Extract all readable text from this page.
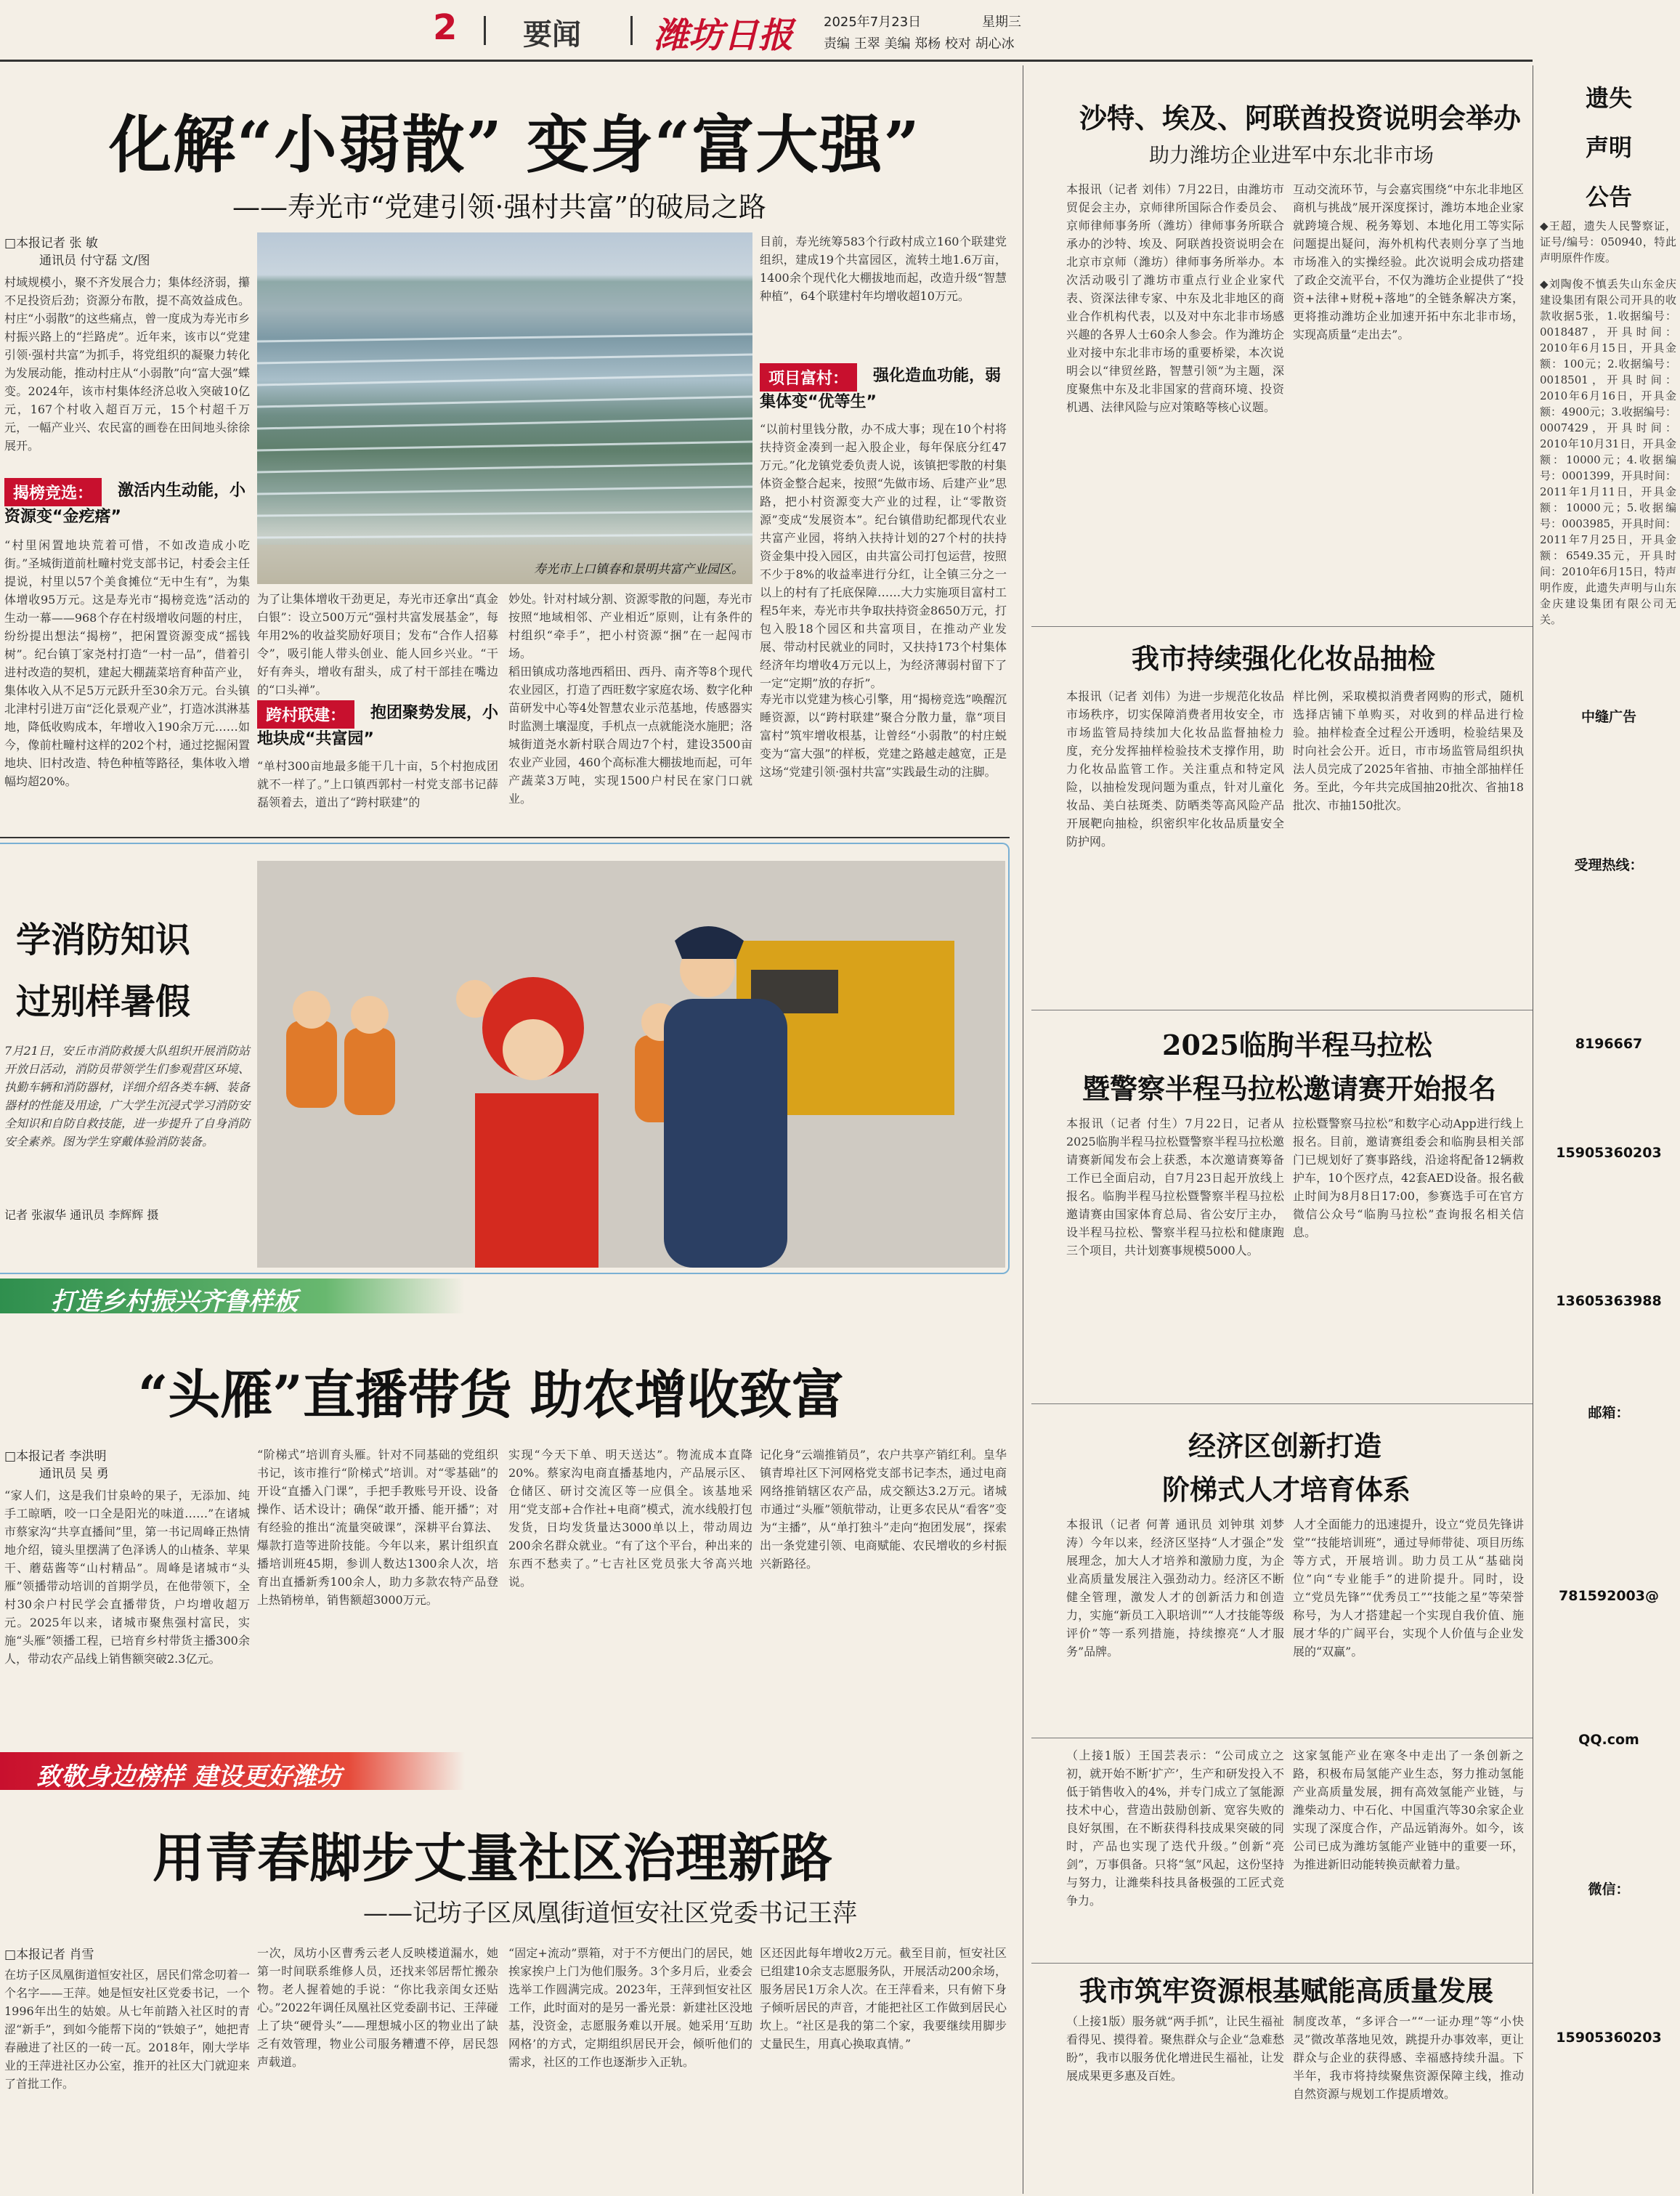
2 要闻 潍坊日报 2025年7月23日	星期三
责编 王翠 美编 郑杨 校对 胡心冰
化解“小弱散” 变身“富大强”
——寿光市“党建引领·强村共富”的破局之路
□本报记者 张 敏
通讯员 付守磊 文/图
村域规模小，聚不齐发展合力；集体经济弱，攥不足投资后劲；资源分布散，提不高效益成色。村庄“小弱散”的这些痛点，曾一度成为寿光市乡村振兴路上的“拦路虎”。近年来，该市以“党建引领·强村共富”为抓手，将党组织的凝聚力转化为发展动能，推动村庄从“小弱散”向“富大强”蝶变。2024年，该市村集体经济总收入突破10亿元，167个村收入超百万元，15个村超千万元，一幅产业兴、农民富的画卷在田间地头徐徐展开。
揭榜竞选：	激活内生动能，小资源变“金疙瘩”
“村里闲置地块荒着可惜，不如改造成小吃街。”圣城街道前杜疃村党支部书记，村委会主任提说，村里以57个美食摊位“无中生有”，为集体增收95万元。这是寿光市“揭榜竞选”活动的生动一幕——968个存在村级增收问题的村庄，纷纷提出想法“揭榜”，把闲置资源变成“摇钱树”。纪台镇丁家尧村打造“一村一品”，借着引进村改造的契机，建起大棚蔬菜培育种苗产业，集体收入从不足5万元跃升至30余万元。台头镇北津村引进万亩“泛化景观产业”，打造冰淇淋基地，降低收购成本，年增收入190余万元……如今，像前杜疃村这样的202个村，通过挖掘闲置地块、旧村改造、特色种植等路径，集体收入增幅均超20%。
寿光市上口镇春和景明共富产业园区。
项目富村：	强化造血功能，弱集体变“优等生”
为了让集体增收干劲更足，寿光市还拿出“真金白银”：设立500万元“强村共富发展基金”，每年用2%的收益奖励好项目；发布“合作人招募令”，吸引能人带头创业、能人回乡兴业。“干好有奔头，增收有甜头，成了村干部挂在嘴边的“口头禅”。
跨村联建：	抱团聚势发展，小地块成“共富园”
“单村300亩地最多能干几十亩，5个村抱成团就不一样了。”上口镇西郭村一村党支部书记薛磊领着去，道出了“跨村联建”的
妙处。针对村域分割、资源零散的问题，寿光市按照“地域相邻、产业相近”原则，让有条件的村组织“牵手”，把小村资源“捆”在一起闯市场。
稻田镇成功落地西稻田、西丹、南齐等8个现代农业园区，打造了西旺数字家庭农场、数字化种苗研发中心等4处智慧农业示范基地，传感器实时监测土壤湿度，手机点一点就能浇水施肥；洛城街道尧水新村联合周边7个村，建设3500亩农业产业园，460个高标准大棚拔地而起，可年产蔬菜3万吨，实现1500户村民在家门口就业。
目前，寿光统筹583个行政村成立160个联建党组织，建成19个共富园区，流转土地1.6万亩，1400余个现代化大棚拔地而起，改造升级“智慧种植”，64个联建村年均增收超10万元。
“以前村里钱分散，办不成大事；现在10个村将扶持资金凑到一起入股企业，每年保底分红47万元。”化龙镇党委负责人说，该镇把零散的村集体资金整合起来，按照“先做市场、后建产业”思路，把小村资源变大产业的过程，让“零散资源”变成“发展资本”。纪台镇借助纪都现代农业共富产业园，将纳入扶持计划的27个村的扶持资金集中投入园区，由共富公司打包运营，按照不少于8%的收益率进行分红，让全镇三分之一以上的村有了托底保障……大力实施项目富村工程5年来，寿光市共争取扶持资金8650万元，打包入股18个园区和共富项目，在推动产业发展、带动村民就业的同时，又扶持173个村集体经济年均增收4万元以上，为经济薄弱村留下了一定“定期”放的存折”。
寿光市以党建为核心引擎，用“揭榜竞选”唤醒沉睡资源，以“跨村联建”聚合分散力量，靠“项目富村”筑牢增收根基，让曾经“小弱散”的村庄蜕变为“富大强”的样板，党建之路越走越宽，正是这场“党建引领·强村共富”实践最生动的注脚。
学消防知识
过别样暑假
7月21日，安丘市消防救援大队组织开展消防站开放日活动，消防员带领学生们参观营区环境、执勤车辆和消防器材，详细介绍各类车辆、装备器材的性能及用途，广大学生沉浸式学习消防安全知识和自防自救技能，进一步提升了自身消防安全素养。图为学生穿戴体验消防装备。
记者 张淑华 通讯员 李辉辉 摄
打造乡村振兴齐鲁样板
“头雁”直播带货 助农增收致富
□本报记者 李洪明
通讯员 吴 勇
“家人们，这是我们甘泉岭的果子，无添加、纯手工晾晒，咬一口全是阳光的味道……”在诸城市蔡家沟“共享直播间”里，第一书记周峰正热情地介绍，镜头里摆满了色泽诱人的山楂条、苹果干、蘑菇酱等“山村精品”。周峰是诸城市“头雁”领播带动培训的首期学员，在他带领下，全村30余户村民学会直播带货，户均增收超万元。2025年以来，诸城市聚焦强村富民，实施“头雁”领播工程，已培育乡村带货主播300余人，带动农产品线上销售额突破2.3亿元。
“阶梯式”培训育头雁。针对不同基础的党组织书记，该市推行“阶梯式”培训。对“零基础”的开设“直播入门课”，手把手教账号开设、设备操作、话术设计；确保“敢开播、能开播”；对有经验的推出“流量突破课”，深耕平台算法、爆款打造等进阶技能。今年以来，累计组织直播培训班45期，参训人数达1300余人次，培育出直播新秀100余人，助力多款农特产品登上热销榜单，销售额超3000万元。
实现“今天下单、明天送达”。物流成本直降20%。蔡家沟电商直播基地内，产品展示区、仓储区、研讨交流区等一应俱全。该基地采用“党支部+合作社+电商”模式，流水线般打包发货，日均发货量达3000单以上，带动周边200余名群众就业。“有了这个平台，种出来的东西不愁卖了。”七吉社区党员张大爷高兴地说。
记化身“云端推销员”，农户共享产销红利。皇华镇青埠社区下河网格党支部书记李杰，通过电商网络推销辖区农产品，成交额达3.2万元。诸城市通过“头雁”领航带动，让更多农民从“看客”变为“主播”，从“单打独斗”走向“抱团发展”，探索出一条党建引领、电商赋能、农民增收的乡村振兴新路径。
致敬身边榜样 建设更好潍坊
用青春脚步丈量社区治理新路
——记坊子区凤凰街道恒安社区党委书记王萍
□本报记者 肖雪
在坊子区凤凰街道恒安社区，居民们常念叨着一个名字——王萍。她是恒安社区党委书记，一个1996年出生的姑娘。从七年前踏入社区时的青涩“新手”，到如今能帮下岗的“铁娘子”，她把青春融进了社区的一砖一瓦。2018年，刚大学毕业的王萍进社区办公室，推开的社区大门就迎来了首批工作。
一次，凤坊小区曹秀云老人反映楼道漏水，她第一时间联系维修人员，还找来邻居帮忙搬杂物。老人握着她的手说：“你比我亲闺女还贴心。”2022年调任凤凰社区党委副书记、王萍碰上了块“硬骨头”——理想城小区的物业出了缺乏有效管理，物业公司服务糟遭不停，居民怨声载道。
“固定+流动”票箱，对于不方便出门的居民，她挨家挨户上门为他们服务。3个多月后，业委会选举工作圆满完成。2023年，王萍到恒安社区工作，此时面对的是另一番光景：新建社区没地基，没资金，志愿服务难以开展。她采用‘互助网格’的方式，定期组织居民开会，倾听他们的需求，社区的工作也逐渐步入正轨。
区还因此每年增收2万元。截至目前，恒安社区已组建10余支志愿服务队，开展活动200余场，服务居民1万余人次。在王萍看来，只有俯下身子倾听居民的声音，才能把社区工作做到居民心坎上。“社区是我的第二个家，我要继续用脚步丈量民生，用真心换取真情。”
沙特、埃及、阿联酋投资说明会举办
助力潍坊企业进军中东北非市场
本报讯（记者 刘伟）7月22日，由潍坊市贸促会主办，京师律所国际合作委员会、京师律师事务所（潍坊）律师事务所联合承办的沙特、埃及、阿联酋投资说明会在北京市京师（潍坊）律师事务所举办。本次活动吸引了潍坊市重点行业企业家代表、资深法律专家、中东及北非地区的商业合作机构代表，以及对中东北非市场感兴趣的各界人士60余人参会。作为潍坊企业对接中东北非市场的重要桥梁，本次说明会以“律贸丝路，智慧引领”为主题，深度聚焦中东及北非国家的营商环境、投资机遇、法律风险与应对策略等核心议题。
互动交流环节，与会嘉宾围绕“中东北非地区商机与挑战”展开深度探讨，潍坊本地企业家就跨境合规、税务筹划、本地化用工等实际问题提出疑问，海外机构代表则分享了当地市场准入的实操经验。此次说明会成功搭建了政企交流平台，不仅为潍坊企业提供了“投资+法律+财税+落地”的全链条解决方案，更将推动潍坊企业加速开拓中东北非市场，实现高质量“走出去”。
我市持续强化化妆品抽检
本报讯（记者 刘伟）为进一步规范化妆品市场秩序，切实保障消费者用妆安全，市市场监管局持续加大化妆品监督抽检力度，充分发挥抽样检验技术支撑作用，助力化妆品监管工作。关注重点和特定风险，以抽检发现问题为重点，针对儿童化妆品、美白祛斑类、防晒类等高风险产品开展靶向抽检，织密织牢化妆品质量安全防护网。
样比例，采取模拟消费者网购的形式，随机选择店铺下单购买，对收到的样品进行检验。抽样检查全过程公开透明，检验结果及时向社会公开。近日，市市场监管局组织执法人员完成了2025年省抽、市抽全部抽样任务。至此，今年共完成国抽20批次、省抽18批次、市抽150批次。
2025临朐半程马拉松
暨警察半程马拉松邀请赛开始报名
本报讯（记者 付生）7月22日，记者从2025临朐半程马拉松暨警察半程马拉松邀请赛新闻发布会上获悉，本次邀请赛筹备工作已全面启动，自7月23日起开放线上报名。临朐半程马拉松暨警察半程马拉松邀请赛由国家体育总局、省公安厅主办，设半程马拉松、警察半程马拉松和健康跑三个项目，共计划赛事规模5000人。
拉松暨警察马拉松”和数字心动App进行线上报名。目前，邀请赛组委会和临朐县相关部门已规划好了赛事路线，沿途将配备12辆救护车，10个医疗点，42套AED设备。报名截止时间为8月8日17:00，参赛选手可在官方微信公众号“临朐马拉松”查询报名相关信息。
经济区创新打造
阶梯式人才培育体系
本报讯（记者 何菁 通讯员 刘钟琪 刘梦涛）今年以来，经济区坚持“人才强企”发展理念，加大人才培养和激励力度，为企业高质量发展注入强劲动力。经济区不断健全管理，激发人才的创新活力和创造力，实施“新员工入职培训”“人才技能等级评价”等一系列措施，持续擦亮“人才服务”品牌。
人才全面能力的迅速提升，设立“党员先锋讲堂”“技能培训班”，通过导师带徒、项目历练等方式，开展培训。助力员工从“基础岗位”向“专业能手”的进阶提升。同时，设立“党员先锋”“优秀员工”“技能之星”等荣誉称号，为人才搭建起一个实现自我价值、施展才华的广阔平台，实现个人价值与企业发展的“双赢”。
（上接1版）王国芸表示：“公司成立之初，就开始不断‘扩产’，生产和研发投入不低于销售收入的4%，并专门成立了氢能源技术中心，营造出鼓励创新、宽容失败的良好氛围，在不断获得科技成果突破的同时，产品也实现了迭代升级。”创新“亮剑”，万事俱备。只将“氢”风起，这份坚持与努力，让潍柴科技具备极强的工匠式竞争力。
这家氢能产业在寒冬中走出了一条创新之路，积极布局氢能产业生态，努力推动氢能产业高质量发展，拥有高效氢能产业链，与潍柴动力、中石化、中国重汽等30余家企业实现了深度合作，产品远销海外。如今，该公司已成为潍坊氢能产业链中的重要一环，为推进新旧动能转换贡献着力量。
我市筑牢资源根基赋能高质量发展
（上接1版）服务就“两手抓”，让民生福祉看得见、摸得着。聚焦群众与企业“急难愁盼”，我市以服务优化增进民生福祉，让发展成果更多惠及百姓。
制度改革，“多评合一”“一证办理”等“小快灵”微改革落地见效，跳提升办事效率，更让群众与企业的获得感、幸福感持续升温。下半年，我市将持续聚焦资源保障主线，推动自然资源与规划工作提质增效。
遗失
声明
公告
◆王超，遗失人民警察证，证号/编号：050940，特此声明原件作废。
◆刘陶俊不慎丢失山东金庆建设集团有限公司开具的收款收据5张，1.收据编号：0018487，开具时间：2010年6月15日，开具金额：100元；2.收据编号：0018501，开具时间：2010年6月16日，开具金额：4900元；3.收据编号：0007429，开具时间：2010年10月31日，开具金额：10000元；4.收据编号：0001399，开具时间：2011年1月11日，开具金额：10000元；5.收据编号：0003985，开具时间：2011年7月25日，开具金额：6549.35元，开具时间：2010年6月15日，特声明作废，此遗失声明与山东金庆建设集团有限公司无关。
中缝广告
受理热线：
8196667
15905360203
13605363988
邮箱：
781592003@
QQ.com
微信：
15905360203
